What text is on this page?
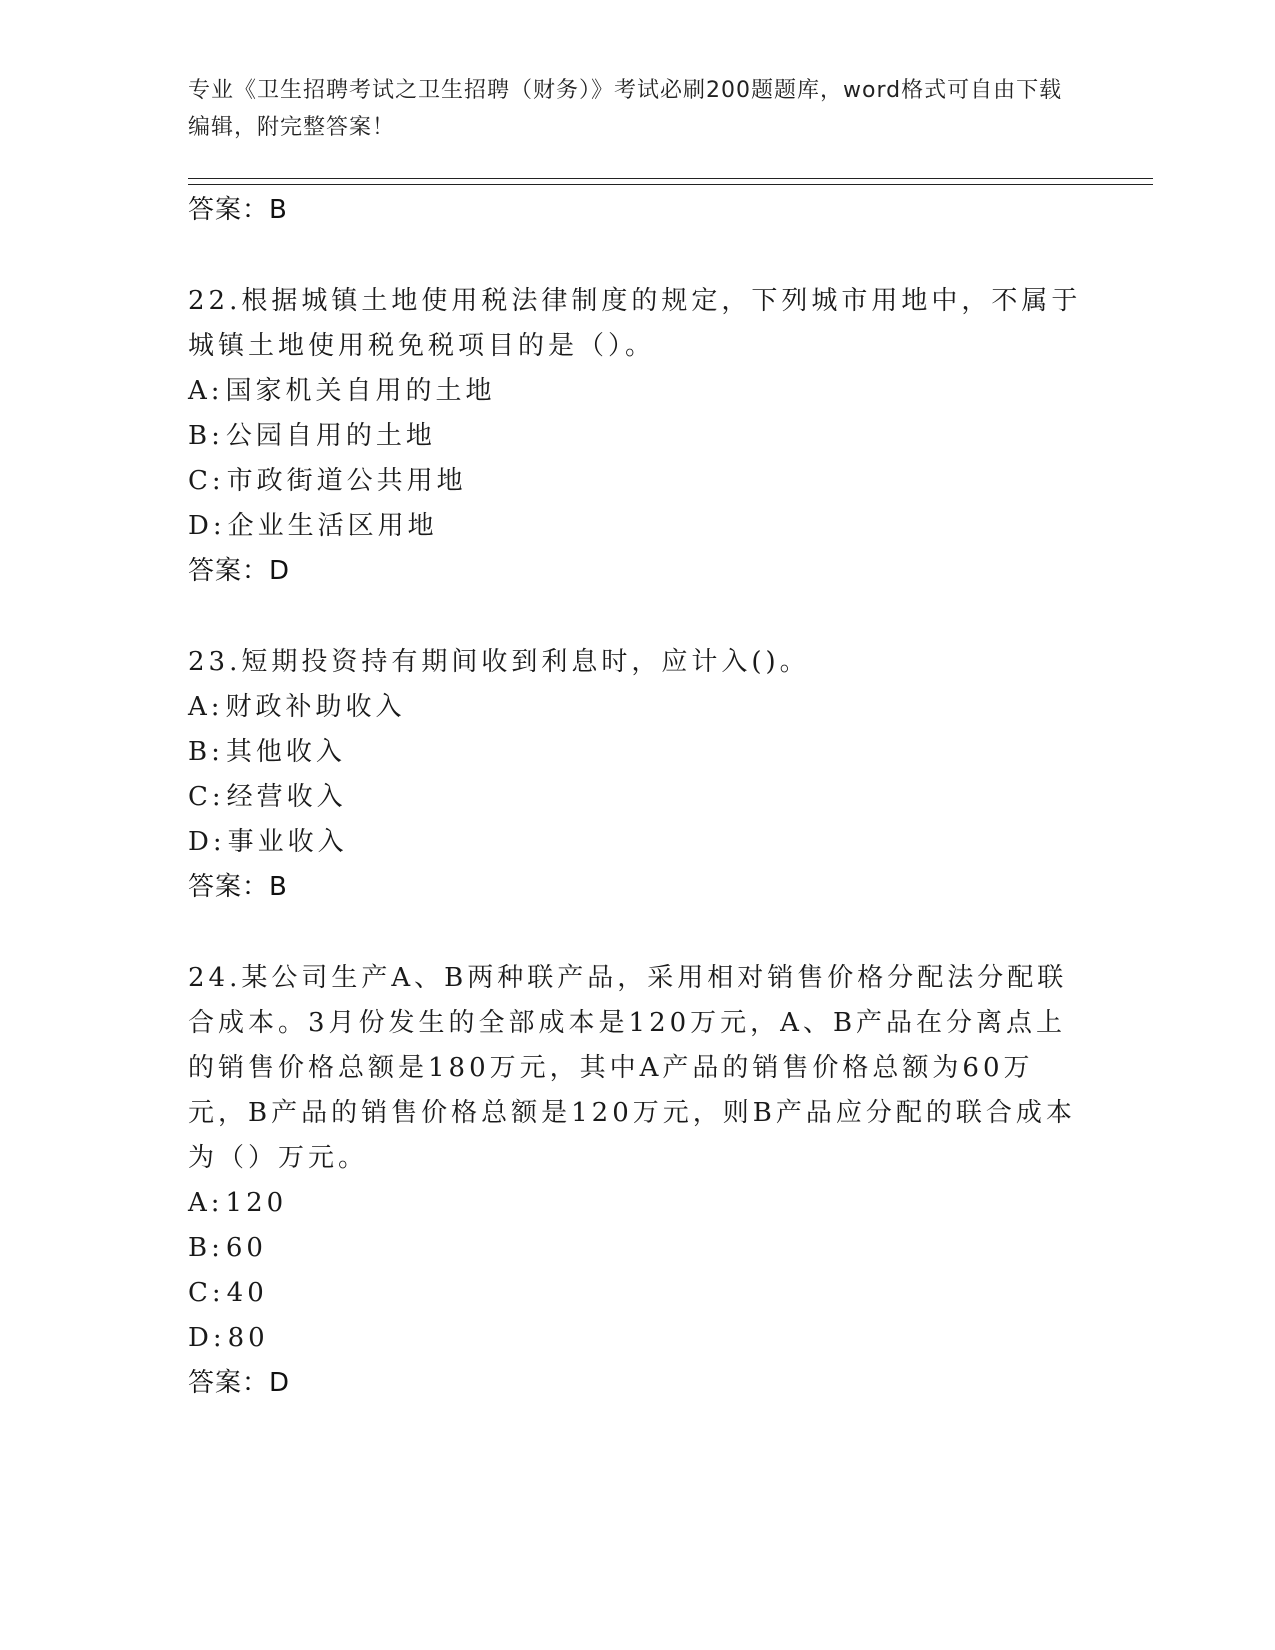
专业《卫生招聘考试之卫生招聘（财务）》考试必刷200题题库，word格式可自由下载编辑，附完整答案！
答案：B

22.根据城镇土地使用税法律制度的规定，下列城市用地中，不属于城镇土地使用税免税项目的是（）。

A:国家机关自用的土地
B:公园自用的土地
C:市政街道公共用地
D:企业生活区用地
答案：D

23.短期投资持有期间收到利息时，应计入()。

A:财政补助收入
B:其他收入
C:经营收入
D:事业收入
答案：B

24.某公司生产A、B两种联产品，采用相对销售价格分配法分配联合成本。3月份发生的全部成本是120万元，A、B产品在分离点上的销售价格总额是180万元，其中A产品的销售价格总额为60万元，B产品的销售价格总额是120万元，则B产品应分配的联合成本为（）万元。

A:120
B:60
C:40
D:80
答案：D
